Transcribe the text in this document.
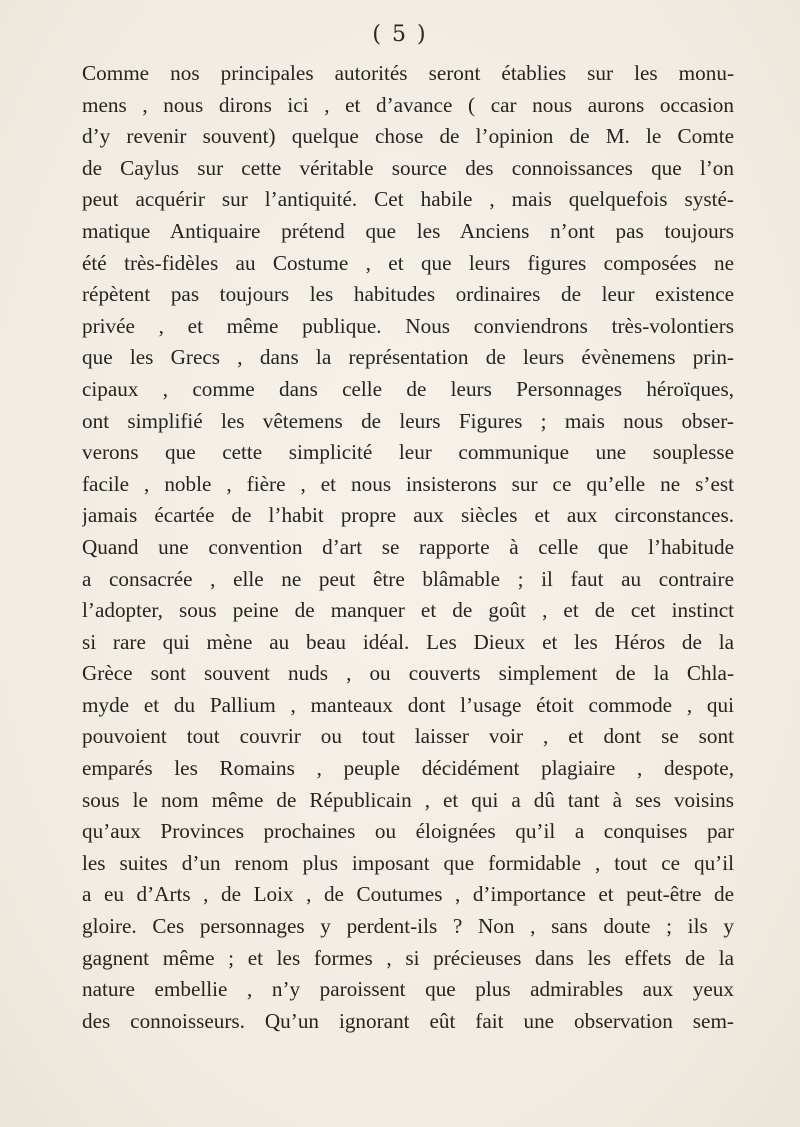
( 5 )
Comme nos principales autorités seront établies sur les monu-
mens , nous dirons ici , et d’avance ( car nous aurons occasion
d’y revenir souvent) quelque chose de l’opinion de M. le Comte
de Caylus sur cette véritable source des connoissances que l’on
peut acquérir sur l’antiquité. Cet habile , mais quelquefois systé-
matique Antiquaire prétend que les Anciens n’ont pas toujours
été très-fidèles au Costume , et que leurs figures composées ne
répètent pas toujours les habitudes ordinaires de leur existence
privée , et même publique. Nous conviendrons très-volontiers
que les Grecs , dans la représentation de leurs évènemens prin-
cipaux , comme dans celle de leurs Personnages héroïques,
ont simplifié les vêtemens de leurs Figures ; mais nous obser-
verons que cette simplicité leur communique une souplesse
facile , noble , fière , et nous insisterons sur ce qu’elle ne s’est
jamais écartée de l’habit propre aux siècles et aux circonstances.
Quand une convention d’art se rapporte à celle que l’habitude
a consacrée , elle ne peut être blâmable ; il faut au contraire
l’adopter, sous peine de manquer et de goût , et de cet instinct
si rare qui mène au beau idéal. Les Dieux et les Héros de la
Grèce sont souvent nuds , ou couverts simplement de la Chla-
myde et du Pallium , manteaux dont l’usage étoit commode , qui
pouvoient tout couvrir ou tout laisser voir , et dont se sont
emparés les Romains , peuple décidément plagiaire , despote,
sous le nom même de Républicain , et qui a dû tant à ses voisins
qu’aux Provinces prochaines ou éloignées qu’il a conquises par
les suites d’un renom plus imposant que formidable , tout ce qu’il
a eu d’Arts , de Loix , de Coutumes , d’importance et peut-être de
gloire. Ces personnages y perdent-ils ? Non , sans doute ; ils y
gagnent même ; et les formes , si précieuses dans les effets de la
nature embellie , n’y paroissent que plus admirables aux yeux
des connoisseurs. Qu’un ignorant eût fait une observation sem-
